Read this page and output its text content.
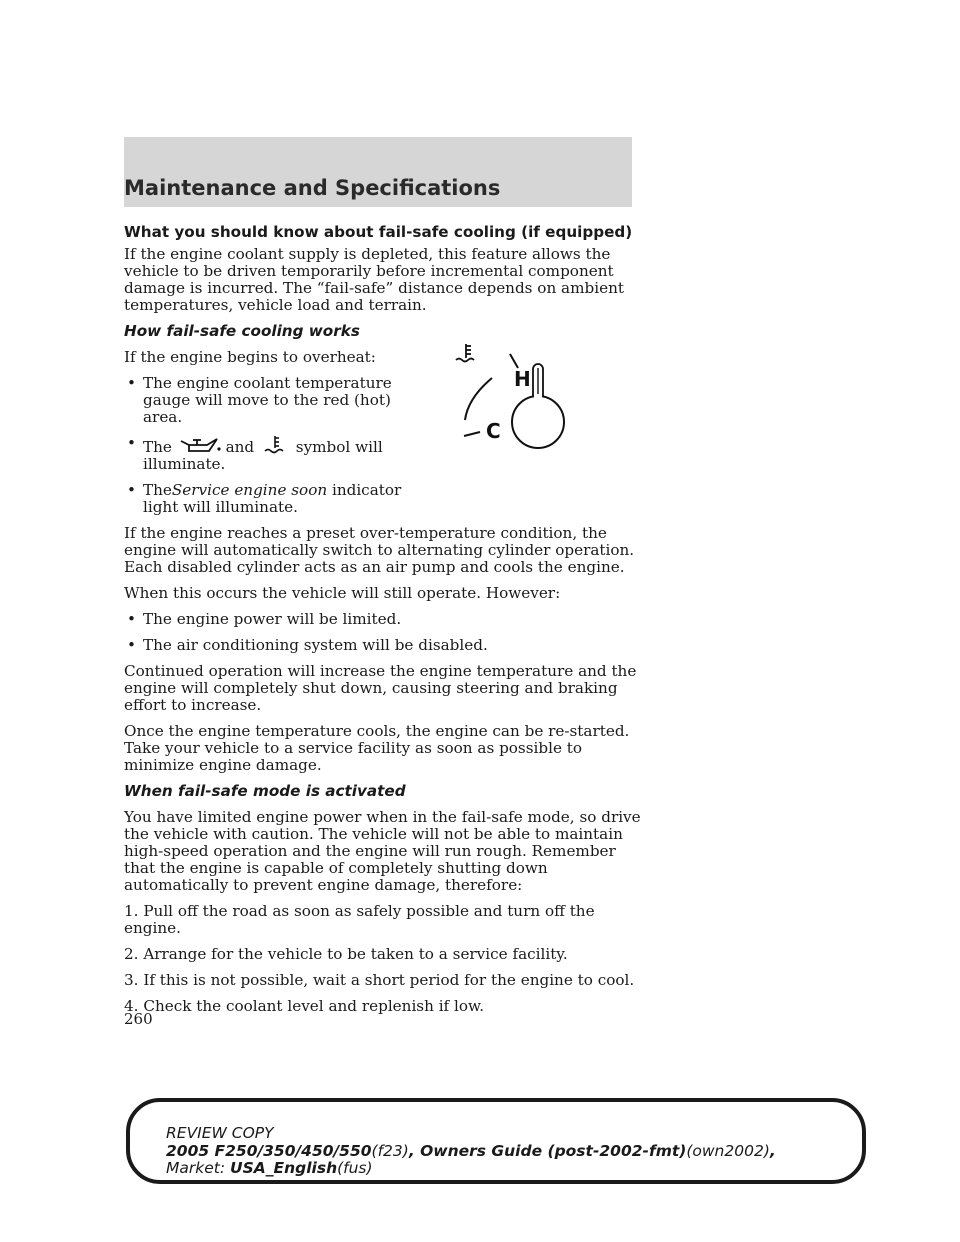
Maintenance and Specifications
H
C

What you should know about fail-safe cooling (if equipped)

If the engine coolant supply is depleted, this feature allows the vehicle to be driven temporarily before incremental component damage is incurred. The “fail-safe” distance depends on ambient temperatures, vehicle load and terrain.

How fail-safe cooling works

If the engine begins to overheat:

• The engine coolant temperature gauge will move to the red (hot) area.

• The	and	symbol will illuminate.

• TheService engine soon indicator light will illuminate.

If the engine reaches a preset over-temperature condition, the engine will automatically switch to alternating cylinder operation. Each disabled cylinder acts as an air pump and cools the engine.

When this occurs the vehicle will still operate. However:

• The engine power will be limited.

• The air conditioning system will be disabled.

Continued operation will increase the engine temperature and the engine will completely shut down, causing steering and braking effort to increase.

Once the engine temperature cools, the engine can be re-started. Take your vehicle to a service facility as soon as possible to minimize engine damage.

When fail-safe mode is activated

You have limited engine power when in the fail-safe mode, so drive the vehicle with caution. The vehicle will not be able to maintain high-speed operation and the engine will run rough. Remember that the engine is capable of completely shutting down automatically to prevent engine damage, therefore:

1. Pull off the road as soon as safely possible and turn off the engine.

2. Arrange for the vehicle to be taken to a service facility.

3. If this is not possible, wait a short period for the engine to cool.

4. Check the coolant level and replenish if low.

260
REVIEW COPY
2005 F250/350/450/550(f23), Owners Guide (post-2002-fmt)(own2002),
Market: USA_English(fus)
